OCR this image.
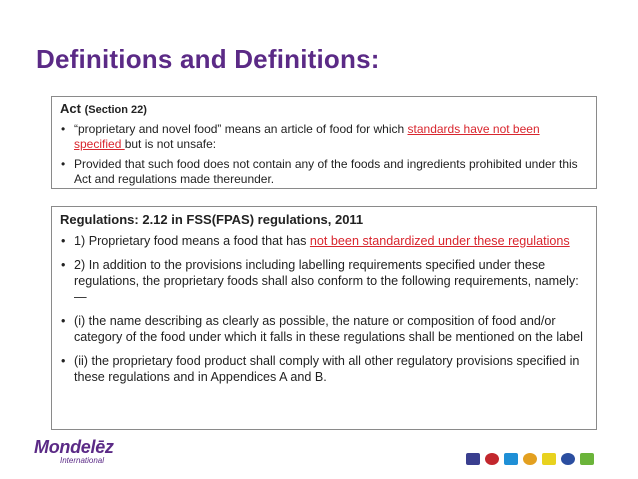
Definitions and Definitions:
Act (Section 22)
• “proprietary and novel food” means an article of food for which standards have not been specified but is not unsafe:
• Provided that such food does not contain any of the foods and ingredients prohibited under this Act and regulations made thereunder.
Regulations: 2.12 in FSS(FPAS) regulations, 2011
• 1) Proprietary food means a food that has not been standardized under these regulations
• 2) In addition to the provisions including labelling requirements specified under these regulations, the proprietary foods shall also conform to the following requirements, namely:—
• (i) the name describing as clearly as possible, the nature or composition of food and/or category of the food under which it falls in these regulations shall be mentioned on the label
• (ii) the proprietary food product shall comply with all other regulatory provisions specified in these regulations and in Appendices A and B.
Mondelēz
International
